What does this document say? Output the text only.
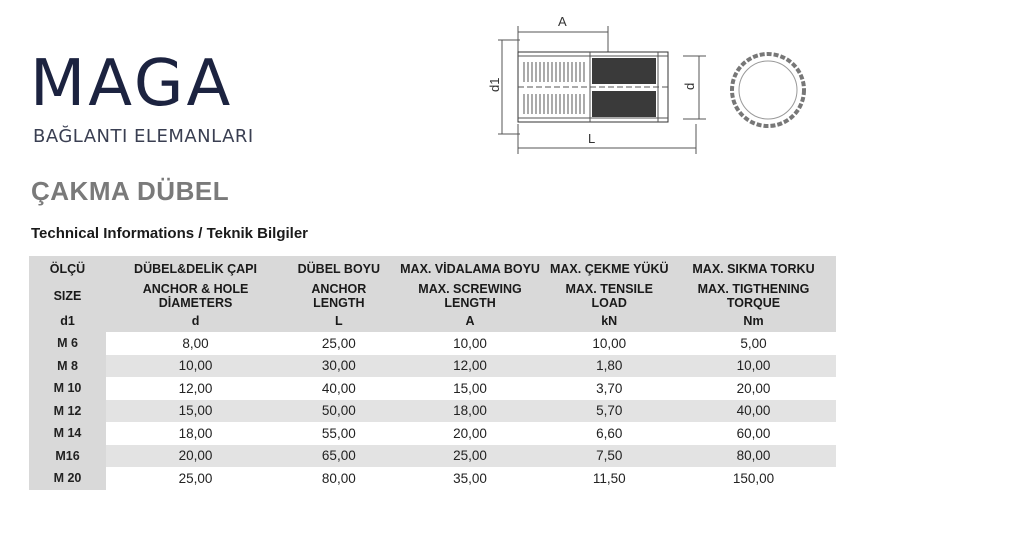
MAGA
BAĞLANTI ELEMANLARI
ÇAKMA DÜBEL
Technical Informations / Teknik Bilgiler
A
L
d1	d
ÖLÇÜ	DÜBEL&DELİK ÇAPI	DÜBEL BOYU	MAX. VİDALAMA BOYU	MAX. ÇEKME YÜKÜ	MAX. SIKMA TORKU

SIZE	ANCHOR & HOLE DİAMETERS	ANCHOR LENGTH	MAX. SCREWING LENGTH	MAX. TENSILE LOAD	MAX. TIGTHENING TORQUE

d1	d	L	A	kN	Nm
M 6	8,00	25,00	10,00	10,00	5,00
M 8	10,00	30,00	12,00	1,80	10,00
M 10	12,00	40,00	15,00	3,70	20,00
M 12	15,00	50,00	18,00	5,70	40,00
M 14	18,00	55,00	20,00	6,60	60,00
M16	20,00	65,00	25,00	7,50	80,00
M 20	25,00	80,00	35,00	11,50	150,00
